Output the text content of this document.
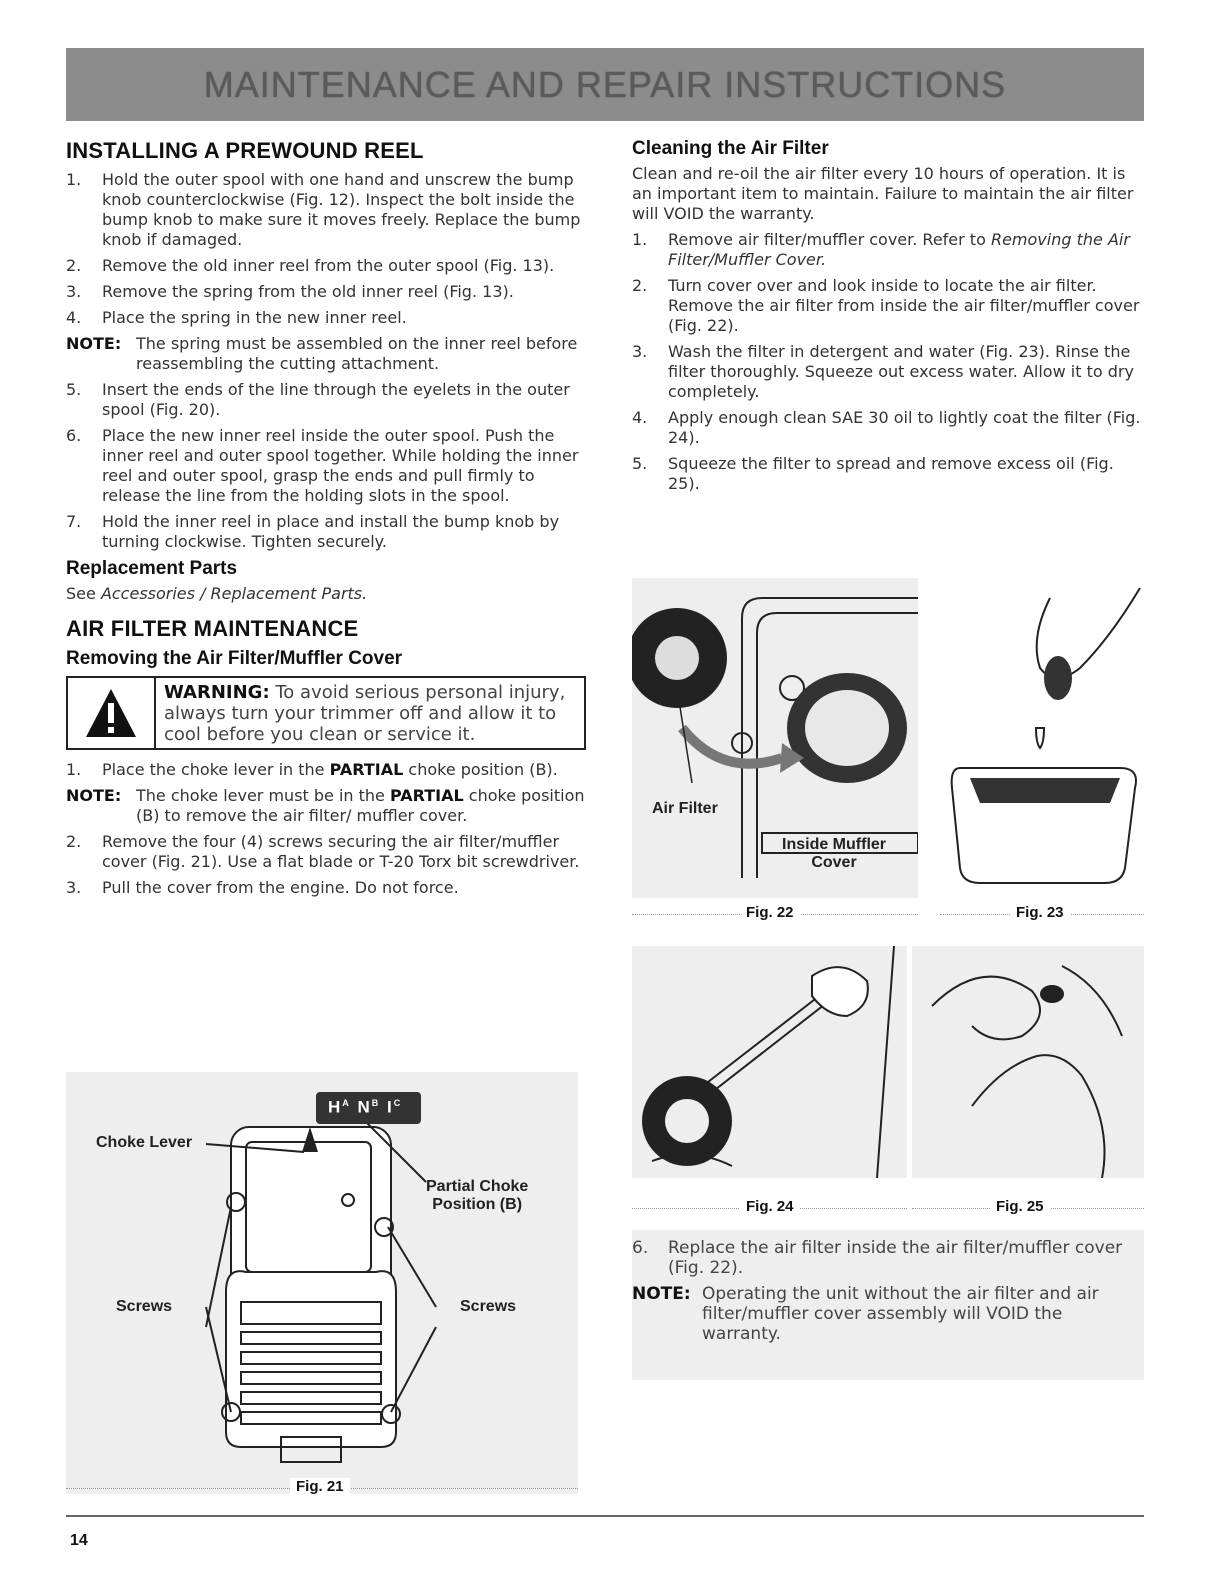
MAINTENANCE AND REPAIR INSTRUCTIONS
INSTALLING A PREWOUND REEL
1. Hold the outer spool with one hand and unscrew the bump knob counterclockwise (Fig. 12). Inspect the bolt inside the bump knob to make sure it moves freely. Replace the bump knob if damaged.
2. Remove the old inner reel from the outer spool (Fig. 13).
3. Remove the spring from the old inner reel (Fig. 13).
4. Place the spring in the new inner reel.
NOTE: The spring must be assembled on the inner reel before reassembling the cutting attachment.
5. Insert the ends of the line through the eyelets in the outer spool (Fig. 20).
6. Place the new inner reel inside the outer spool. Push the inner reel and outer spool together. While holding the inner reel and outer spool, grasp the ends and pull firmly to release the line from the holding slots in the spool.
7. Hold the inner reel in place and install the bump knob by turning clockwise. Tighten securely.
Replacement Parts

See Accessories / Replacement Parts.

AIR FILTER MAINTENANCE
Removing the Air Filter/Muffler Cover
WARNING: To avoid serious personal injury, always turn your trimmer off and allow it to cool before you clean or service it.
1. Place the choke lever in the PARTIAL choke position (B).
NOTE: The choke lever must be in the PARTIAL choke position (B) to remove the air filter/ muffler cover.
2. Remove the four (4) screws securing the air filter/muffler cover (Fig. 21). Use a flat blade or T-20 Torx bit screwdriver.
3. Pull the cover from the engine. Do not force.
$H^A$ $N^B$ $I^C$
Choke Lever
Partial Choke
Position (B)
Screws	Screws
Fig. 21
Cleaning the Air Filter

Clean and re-oil the air filter every 10 hours of operation. It is an important item to maintain. Failure to maintain the air filter will VOID the warranty.

1. Remove air filter/muffler cover. Refer to Removing the Air Filter/Muffler Cover.
2. Turn cover over and look inside to locate the air filter. Remove the air filter from inside the air filter/muffler cover (Fig. 22).
3. Wash the filter in detergent and water (Fig. 23). Rinse the filter thoroughly. Squeeze out excess water. Allow it to dry completely.
4. Apply enough clean SAE 30 oil to lightly coat the filter (Fig. 24).
5. Squeeze the filter to spread and remove excess oil (Fig. 25).
Air Filter
Inside Muffler
Cover
Fig. 22	Fig. 23
Fig. 24	Fig. 25
6. Replace the air filter inside the air filter/muffler cover (Fig. 22).
NOTE: Operating the unit without the air filter and air filter/muffler cover assembly will VOID the warranty.
14
